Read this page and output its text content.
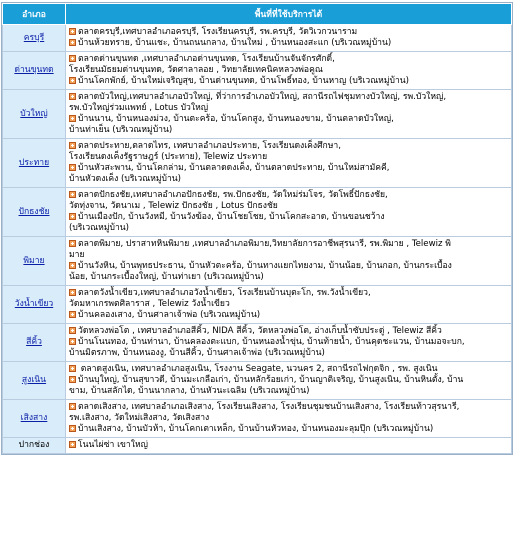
อำเภอ	พื้นที่ที่ใช้บริการได้
ครบุรี	ตลาดครบุรี,เทศบาลอำเภอครบุรี, โรงเรียนครบุรี, รพ.ครบุรี, วัดวิเวกวนาราม
บ้านห้วยทราย, บ้านแชะ, บ้านถนนกลาง, บ้านใหม่ , บ้านหนองสะแก (บริเวณหมู่บ้าน)

ด่านขุนทด	ตลาดด่านขุนทด ,เทศบาลอำเภอด่านขุนทด, โรงเรียนบ้านจันจักรศักดิ์,
โรงเรียนมัธยมด่านขุนทด, วัดศาลาลอย , วิทยาลัยเทคนิคหลวงพ่อคูณ
บ้านโคกพักย์, บ้านใหม่เจริญสุข, บ้านด่านขุนทด, บ้านโพธิ์ทอง, บ้านหาญ (บริเวณหมู่บ้าน)

บัวใหญ่	ตลาดบัวใหญ่,เทศบาลอำเภอบัวใหญ่, ที่ว่าการอำเภอบัวใหญ่, สถานีรถไฟชุมทางบัวใหญ่, รพ.บัวใหญ่,
รพ.บัวใหญ่ร่วมแพทย์ , Lotus บัวใหญ่
บ้านนาน, บ้านหนองม่วง, บ้านตะคร้อ, บ้านโคกสูง, บ้านหนองขาม, บ้านตลาดบัวใหญ่,
บ้านท่าเย็น (บริเวณหมู่บ้าน)

ประทาย	ตลาดประทาย,ตลาดไทร, เทศบาลอำเภอประทาย, โรงเรียนดงเค็งศึกษา,
โรงเรียนดงเค็งรัฐราษฎร์ (ประทาย), Telewiz ประทาย
บ้านหัวสะพาน, บ้านโคกล่าม, บ้านตลาดดงเค็ง, บ้านตลาดประทาย, บ้านใหม่สามัคคี,
บ้านหัวดงเค็ง (บริเวณหมู่บ้าน)

ปักธงชัย	ตลาดปักธงชัย,เทศบาลอำเภอปักธงชัย, รพ.ปักธงชัย, วัดใหม่ร่มโจร, วัดโพธิ์ปักธงชัย,
วัดทุ่งจาน, วัดนาเม , Telewiz ปักธงชัย , Lotus ปักธงชัย
บ้านเมืองปัก, บ้านวังหมี, บ้านวังฆ้อง, บ้านโชยโชย, บ้านโคกสะอาด, บ้านขอนชว้าง
(บริเวณหมู่บ้าน)

พิมาย	ตลาดพิมาย, ปราสาทหินพิมาย ,เทศบาลอำเภอพิมาย,วิทยาลัยการอาชีพสุรนารี, รพ.พิมาย , Telewiz พิ
มาย
บ้านวังหิน, บ้านพุทธประธาน, บ้านหัวตะคร้อ, บ้านทางแยกไทยงาม, บ้านน้อย, บ้านกอก, บ้านกระเบื้อง
น้อย, บ้านกระเบื้องใหญ่, บ้านท่าเยา (บริเวณหมู่บ้าน)

วังน้ำเขียว	ตลาดวังน้ำเขียว,เทศบาลอำเภอวังน้ำเขียว, โรงเรียนบ้านบุตะโก, รพ.วังน้ำเขียว,
วัดมหาเกรพตศิลาราส , Telewiz วังน้ำเขียว
บ้านคลองเสาง, บ้านศาลาเจ้าพ่อ (บริเวณหมู่บ้าน)

สีคิ้ว	วัดหลวงพ่อโต , เทศบาลอำเภอสีคิ้ว, NIDA สีคิ้ว, วัดหลวงพ่อโต, อ่างเก็บน้ำซับประดู่ , Telewiz สีคิ้ว
บ้านโนนทอง, บ้านท่านา, บ้านคลองตะแบก, บ้านหนองน้ำขุ่น, บ้านท้ายน้ำ, บ้านคุดชะแวน, บ้านมอจะบก,
บ้านมิตรภาพ, บ้านหนองงู, บ้านสีคิ้ว, บ้านศาลเจ้าพ่อ (บริเวณหมู่บ้าน)

สูงเนิน	ตลาดสูงเนิน, เทศบาลอำเภอสูงเนิน, โรงงาน Seagate, นวนคร 2, สถานีรถไฟกุดจิก , รพ. สูงเนิน
บ้านบุใหญ่, บ้านสุขาวดี, บ้านมะเกลือเก่า, บ้านหลักร้อยเก่า, บ้านญาติเจริญ, บ้านสูงเนิน, บ้านหินตั้ง, บ้าน
ขาม, บ้านสลักได, บ้านนากลาง, บ้านหัวนะเฉลิม (บริเวณหมู่บ้าน)

เสิงสาง	ตลาดเสิงสาง, เทศบาลอำเภอเสิงสาง, โรงเรียนเสิงสาง, โรงเรียนชุมชนบ้านเสิงสาง, โรงเรียนท้าวสุรนารี,
รพ.เสิงสาง, วัดใหม่เสิงสาง, วัดเสิงสาง
บ้านเสิงสาง, บ้านบัวห้า, บ้านโคกเตาเหล็ก, บ้านบ้านหัวทอง, บ้านหนองมะลุมปุ๊ก (บริเวณหมู่บ้าน)

ปากช่อง	โนนไผ่ซ่า เขาใหญ่
